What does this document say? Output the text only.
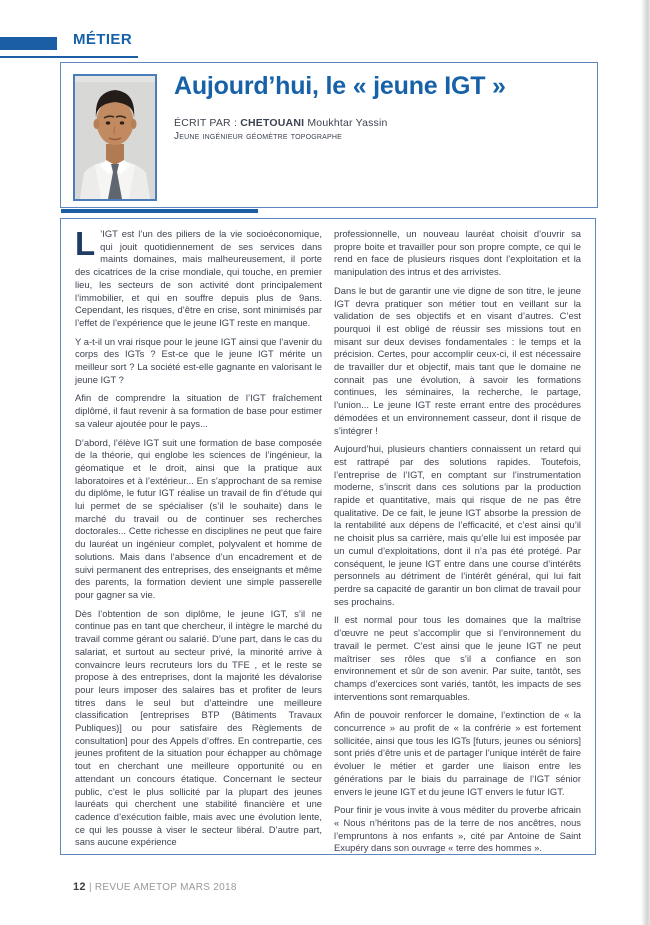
MÉTIER
Aujourd’hui, le « jeune IGT »
ÉCRIT PAR : CHETOUANI Moukhtar Yassin
Jeune ingénieur géomètre topographe

L ’IGT est l’un des piliers de la vie socioéconomique, qui jouit quotidiennement de ses services dans maints domaines, mais malheureusement, il porte des cicatrices de la crise mondiale, qui touche, en premier lieu, les secteurs de son activité dont principalement l’immobilier, et qui en souffre depuis plus de 9ans. Cependant, les risques, d’être en crise, sont minimisés par l’effet de l’expérience que le jeune IGT reste en manque.

Y a-t-il un vrai risque pour le jeune IGT ainsi que l’avenir du corps des IGTs ? Est-ce que le jeune IGT mérite un meilleur sort ? La société est-elle gagnante en valorisant le jeune IGT ?

Afin de comprendre la situation de l’IGT fraîchement diplômé, il faut revenir à sa formation de base pour estimer sa valeur ajoutée pour le pays...

D’abord, l’élève IGT suit une formation de base composée de la théorie, qui englobe les sciences de l’ingénieur, la géomatique et le droit, ainsi que la pratique aux laboratoires et à l’extérieur... En s’approchant de sa remise du diplôme, le futur IGT réalise un travail de fin d’étude qui lui permet de se spécialiser (s’il le souhaite) dans le marché du travail ou de continuer ses recherches doctorales... Cette richesse en disciplines ne peut que faire du lauréat un ingénieur complet, polyvalent et homme de solutions. Mais dans l’absence d’un encadrement et de suivi permanent des entreprises, des enseignants et même des parents, la formation devient une simple passerelle pour gagner sa vie.

Dès l’obtention de son diplôme, le jeune IGT, s’il ne continue pas en tant que chercheur, il intègre le marché du travail comme gérant ou salarié. D’une part, dans le cas du salariat, et surtout au secteur privé, la minorité arrive à convaincre leurs recruteurs lors du TFE , et le reste se propose à des entreprises, dont la majorité les dévalorise pour leurs imposer des salaires bas et profiter de leurs titres dans le seul but d’atteindre une meilleure classification [entreprises BTP (Bâtiments Travaux Publiques)] ou pour satisfaire des Règlements de consultation] pour des Appels d’offres. En contrepartie, ces jeunes profitent de la situation pour échapper au chômage tout en cherchant une meilleure opportunité ou en attendant un concours étatique. Concernant le secteur public, c’est le plus sollicité par la plupart des jeunes lauréats qui cherchent une stabilité financière et une cadence d’exécution faible, mais avec une évolution lente, ce qui les pousse à viser le secteur libéral. D’autre part, sans aucune expérience

professionnelle, un nouveau lauréat choisit d’ouvrir sa propre boite et travailler pour son propre compte, ce qui le rend en face de plusieurs risques dont l’exploitation et la manipulation des intrus et des arrivistes.

Dans le but de garantir une vie digne de son titre, le jeune IGT devra pratiquer son métier tout en veillant sur la validation de ses objectifs et en visant d’autres. C’est pourquoi il est obligé de réussir ses missions tout en misant sur deux devises fondamentales : le temps et la précision. Certes, pour accomplir ceux-ci, il est nécessaire de travailler dur et objectif, mais tant que le domaine ne connait pas une évolution, à savoir les formations continues, les séminaires, la recherche, le partage, l’union... Le jeune IGT reste errant entre des procédures démodées et un environnement casseur, dont il risque de s’intégrer !

Aujourd’hui, plusieurs chantiers connaissent un retard qui est rattrapé par des solutions rapides. Toutefois, l’entreprise de l’IGT, en comptant sur l’instrumentation moderne, s’inscrit dans ces solutions par la production rapide et quantitative, mais qui risque de ne pas être qualitative. De ce fait, le jeune IGT absorbe la pression de la rentabilité aux dépens de l’efficacité, et c’est ainsi qu’il ne choisit plus sa carrière, mais qu’elle lui est imposée par un cumul d’exploitations, dont il n’a pas été protégé. Par conséquent, le jeune IGT entre dans une course d’intérêts personnels au détriment de l’intérêt général, qui lui fait perdre sa capacité de garantir un bon climat de travail pour ses prochains.

Il est normal pour tous les domaines que la maîtrise d’œuvre ne peut s’accomplir que si l’environnement du travail le permet. C’est ainsi que le jeune IGT ne peut maîtriser ses rôles que s’il a confiance en son environnement et sûr de son avenir. Par suite, tantôt, ses champs d’exercices sont variés, tantôt, les impacts de ses interventions sont remarquables.

Afin de pouvoir renforcer le domaine, l’extinction de « la concurrence » au profit de « la confrérie » est fortement sollicitée, ainsi que tous les IGTs [futurs, jeunes ou séniors] sont priés d’être unis et de partager l’unique intérêt de faire évoluer le métier et garder une liaison entre les générations par le biais du parrainage de l’IGT sénior envers le jeune IGT et du jeune IGT envers le futur IGT.

Pour finir je vous invite à vous méditer du proverbe africain « Nous n’héritons pas de la terre de nos ancêtres, nous l’empruntons à nos enfants », cité par Antoine de Saint Exupéry dans son ouvrage « terre des hommes ».

12 | REVUE AMETOP MARS 2018
